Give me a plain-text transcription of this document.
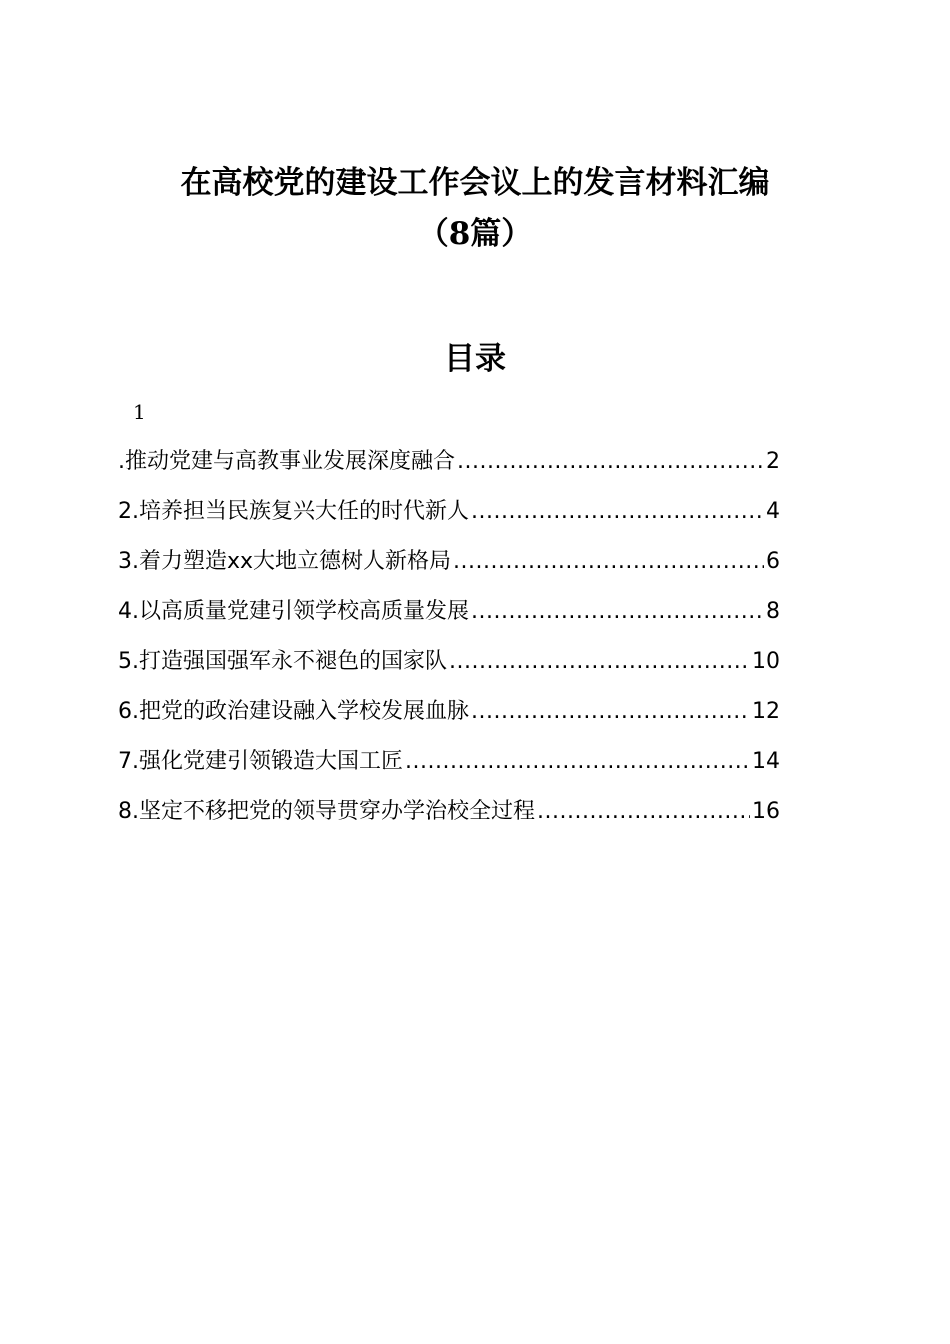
在高校党的建设工作会议上的发言材料汇编
（8篇）
目录
1
.推动党建与高教事业发展深度融合 .....	2
2.培养担当民族复兴大任的时代新人 .....	4
3.着力塑造xx大地立德树人新格局 .....	6
4.以高质量党建引领学校高质量发展 .....	8
5.打造强国强军永不褪色的国家队 .....	10
6.把党的政治建设融入学校发展血脉 .....	12
7.强化党建引领锻造大国工匠 .....	14
8.坚定不移把党的领导贯穿办学治校全过程 .....	16
